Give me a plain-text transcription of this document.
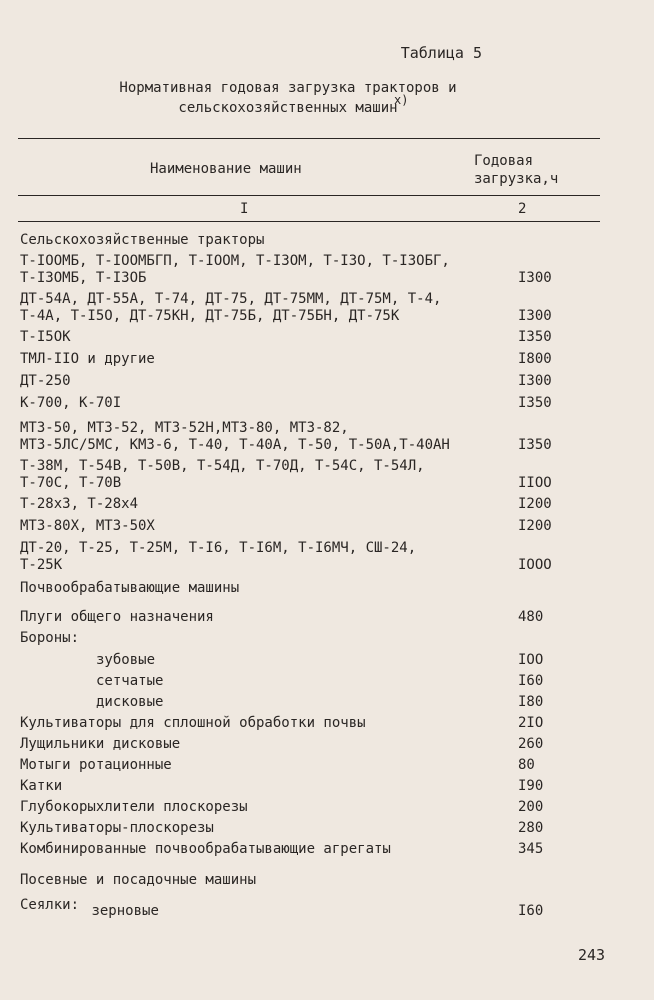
Таблица 5
Нормативная годовая загрузка тракторов и
сельскохозяйственных машин
x)
Наименование машин	Годовая
загрузка,ч
I	2
Сельскохозяйственные тракторы
Т-IOOМБ, Т-IOOМБГП, Т-IOOМ, Т-I3OМ, Т-I3O, Т-I3OБГ,
Т-I3OМБ, Т-I3OБ	I300
ДТ-54А, ДТ-55А, Т-74, ДТ-75, ДТ-75ММ, ДТ-75М, Т-4,
Т-4А, Т-I5O, ДТ-75КН, ДТ-75Б, ДТ-75БН, ДТ-75К	I300
Т-I5OК	I350
ТМЛ-IIO и другие	I800
ДТ-250	I300
К-700, К-70I	I350
МТЗ-50, МТЗ-52, МТЗ-52Н,МТЗ-80, МТЗ-82,
МТЗ-5ЛС/5МС, КМЗ-6, Т-40, Т-40А, Т-50, Т-50А,Т-40АН	I350
Т-38М, Т-54В, Т-50В, Т-54Д, Т-70Д, Т-54С, Т-54Л,
Т-70С, Т-70В	IIOO
Т-28х3, Т-28х4	I200
МТЗ-80Х, МТЗ-50Х	I200
ДТ-20, Т-25, Т-25М, Т-I6, Т-I6М, Т-I6МЧ, СШ-24,
Т-25К	IOOO
Почвообрабатывающие машины
Плуги общего назначения	480
Бороны:
зубовые	IOO
сетчатые	I60
дисковые	I80
Культиваторы для сплошной обработки почвы	2IO
Лущильники дисковые	260
Мотыги ротационные	80
Катки	I90
Глубокорыхлители плоскорезы	200
Культиваторы-плоскорезы	280
Комбинированные почвообрабатывающие агрегаты	345
Посевные и посадочные машины
Сеялки: зерновые	I60
243
